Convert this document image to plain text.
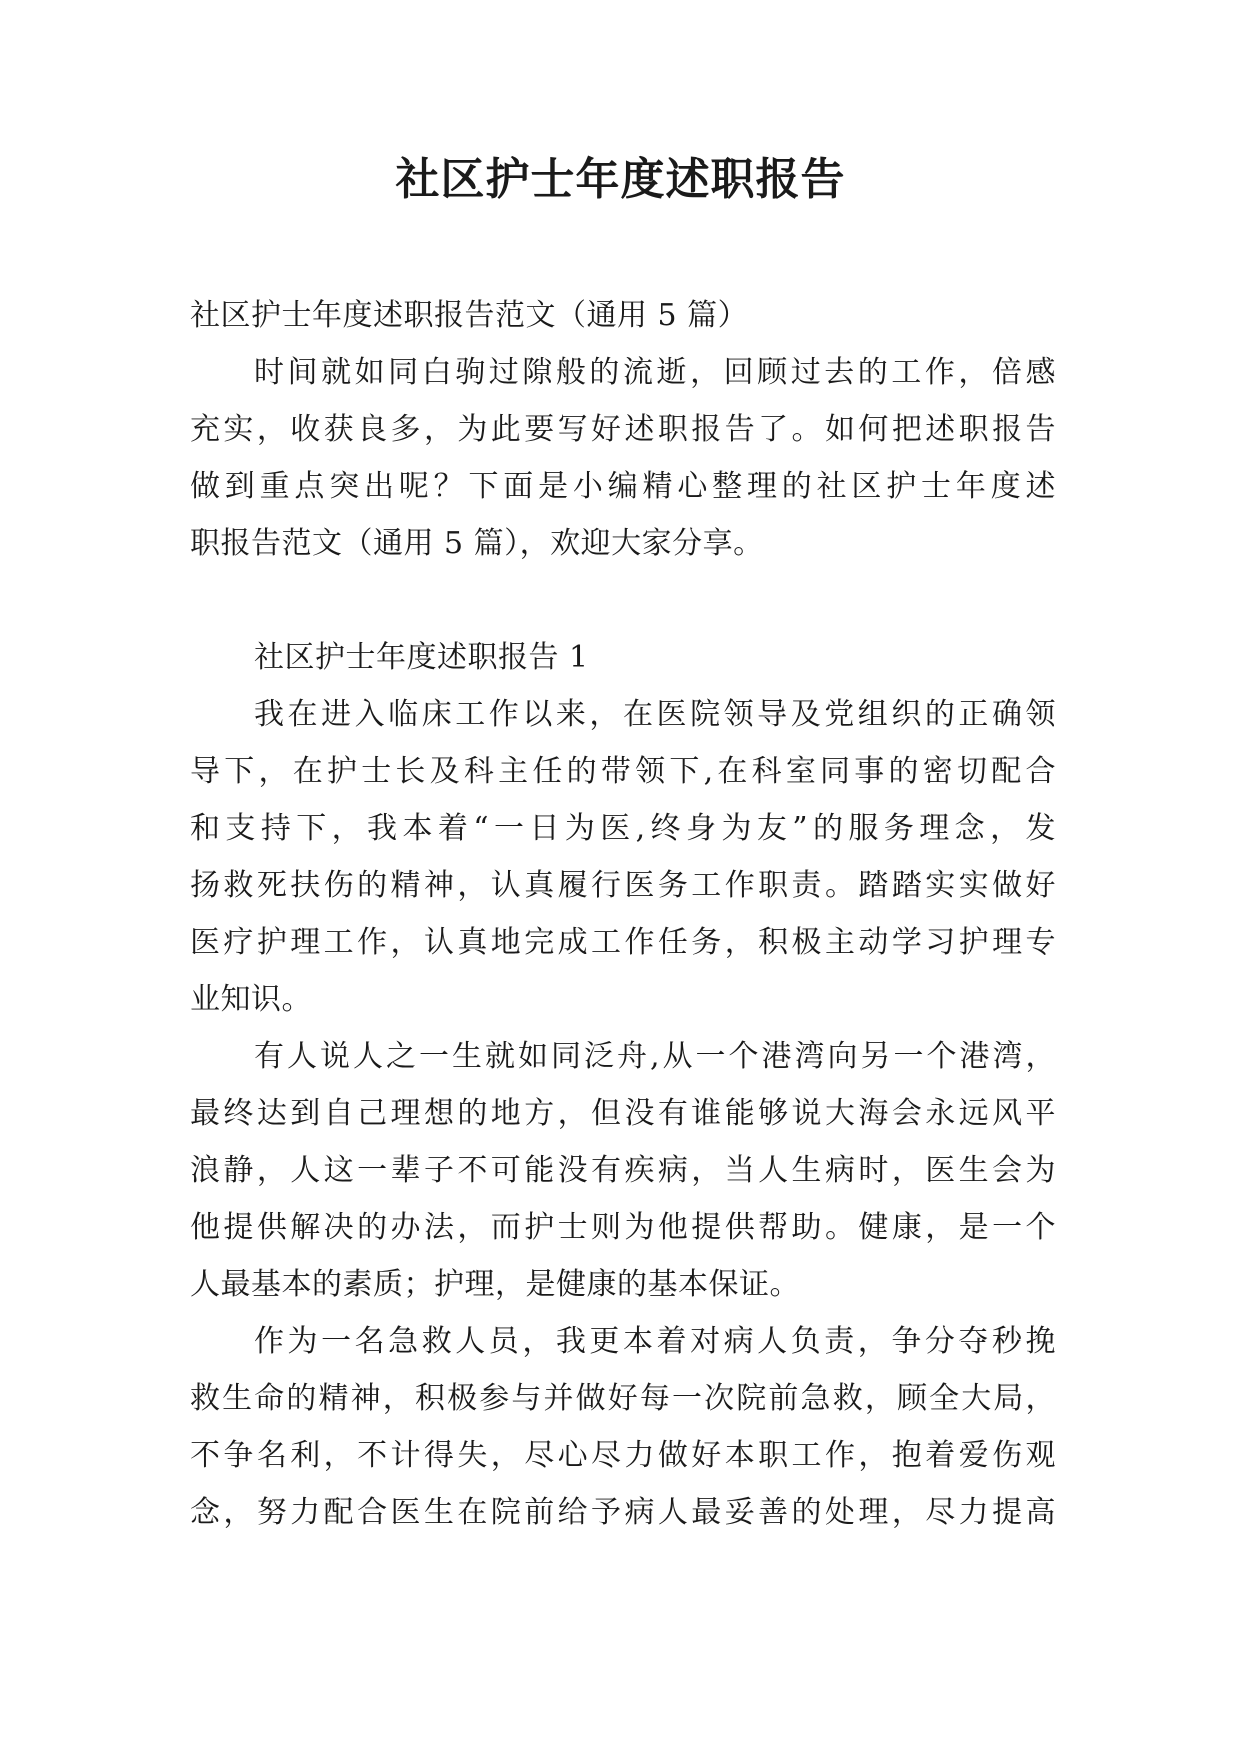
社区护士年度述职报告
社区护士年度述职报告范文（通用 5 篇）
时间就如同白驹过隙般的流逝，回顾过去的工作，倍感
充实，收获良多，为此要写好述职报告了。如何把述职报告
做到重点突出呢？下面是小编精心整理的社区护士年度述
职报告范文（通用 5 篇），欢迎大家分享。
社区护士年度述职报告 1
我在进入临床工作以来，在医院领导及党组织的正确领
导下，在护士长及科主任的带领下,在科室同事的密切配合
和支持下，我本着“一日为医,终身为友”的服务理念，发
扬救死扶伤的精神，认真履行医务工作职责。踏踏实实做好
医疗护理工作，认真地完成工作任务，积极主动学习护理专
业知识。
有人说人之一生就如同泛舟,从一个港湾向另一个港湾，
最终达到自己理想的地方，但没有谁能够说大海会永远风平
浪静，人这一辈子不可能没有疾病，当人生病时，医生会为
他提供解决的办法，而护士则为他提供帮助。健康，是一个
人最基本的素质；护理，是健康的基本保证。
作为一名急救人员，我更本着对病人负责，争分夺秒挽
救生命的精神，积极参与并做好每一次院前急救，顾全大局，
不争名利，不计得失，尽心尽力做好本职工作，抱着爱伤观
念，努力配合医生在院前给予病人最妥善的处理，尽力提高
